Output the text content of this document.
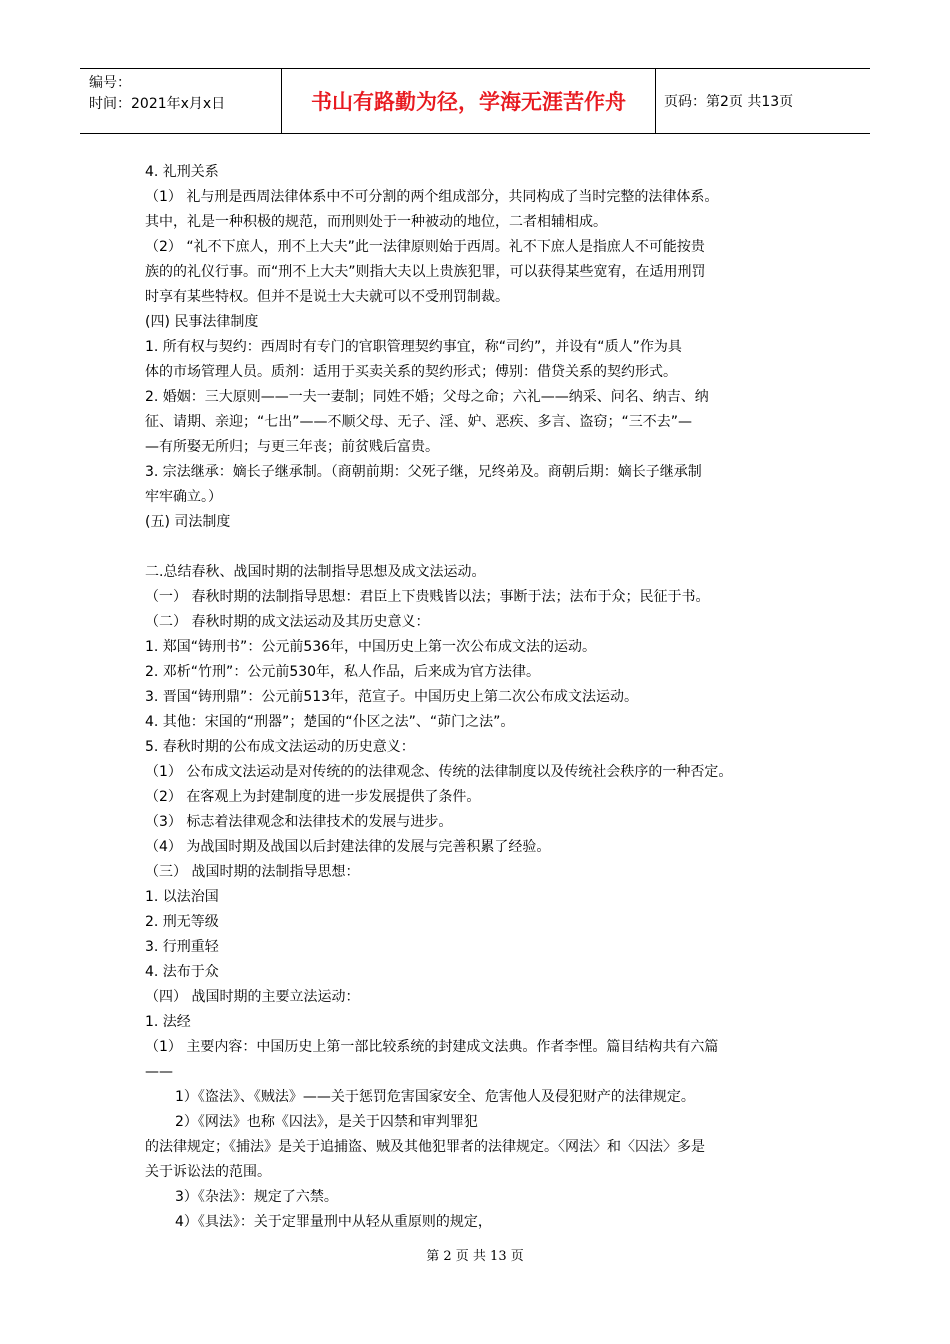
编号：
时间：2021年x月x日	书山有路勤为径，学海无涯苦作舟	页码：第2页 共13页
4. 礼刑关系
（1） 礼与刑是西周法律体系中不可分割的两个组成部分，共同构成了当时完整的法律体系。
其中，礼是一种积极的规范，而刑则处于一种被动的地位，二者相辅相成。
（2） “礼不下庶人，刑不上大夫”此一法律原则始于西周。礼不下庶人是指庶人不可能按贵
族的的礼仪行事。而“刑不上大夫”则指大夫以上贵族犯罪，可以获得某些宽宥，在适用刑罚
时享有某些特权。但并不是说士大夫就可以不受刑罚制裁。
(四) 民事法律制度
1. 所有权与契约：西周时有专门的官职管理契约事宜，称“司约”，并设有“质人”作为具
体的市场管理人员。质剂：适用于买卖关系的契约形式；傅别：借贷关系的契约形式。
2. 婚姻：三大原则——一夫一妻制；同姓不婚；父母之命；六礼——纳采、问名、纳吉、纳
征、请期、亲迎；“七出”——不顺父母、无子、淫、妒、恶疾、多言、盗窃；“三不去”—
—有所娶无所归；与更三年丧；前贫贱后富贵。
3. 宗法继承：嫡长子继承制。（商朝前期：父死子继，兄终弟及。商朝后期：嫡长子继承制
牢牢确立。）
(五) 司法制度
二.总结春秋、战国时期的法制指导思想及成文法运动。
（一） 春秋时期的法制指导思想：君臣上下贵贱皆以法；事断于法；法布于众；民征于书。
（二） 春秋时期的成文法运动及其历史意义：
1. 郑国“铸刑书”：公元前536年，中国历史上第一次公布成文法的运动。
2. 邓析“竹刑”：公元前530年，私人作品，后来成为官方法律。
3. 晋国“铸刑鼎”：公元前513年，范宣子。中国历史上第二次公布成文法运动。
4. 其他：宋国的“刑器”；楚国的“仆区之法”、“茆门之法”。
5. 春秋时期的公布成文法运动的历史意义：
（1） 公布成文法运动是对传统的的法律观念、传统的法律制度以及传统社会秩序的一种否定。
（2） 在客观上为封建制度的进一步发展提供了条件。
（3） 标志着法律观念和法律技术的发展与进步。
（4） 为战国时期及战国以后封建法律的发展与完善积累了经验。
（三） 战国时期的法制指导思想：
1. 以法治国
2. 刑无等级
3. 行刑重轻
4. 法布于众
（四） 战国时期的主要立法运动：
1. 法经
（1） 主要内容：中国历史上第一部比较系统的封建成文法典。作者李悝。篇目结构共有六篇
——
1）《盗法》、《贼法》——关于惩罚危害国家安全、危害他人及侵犯财产的法律规定。
2）《网法》也称《囚法》，是关于囚禁和审判罪犯
的法律规定；《捕法》是关于追捕盗、贼及其他犯罪者的法律规定。〈网法〉和〈囚法〉多是
关于诉讼法的范围。
3）《杂法》：规定了六禁。
4）《具法》：关于定罪量刑中从轻从重原则的规定，
第 2 页 共 13 页
